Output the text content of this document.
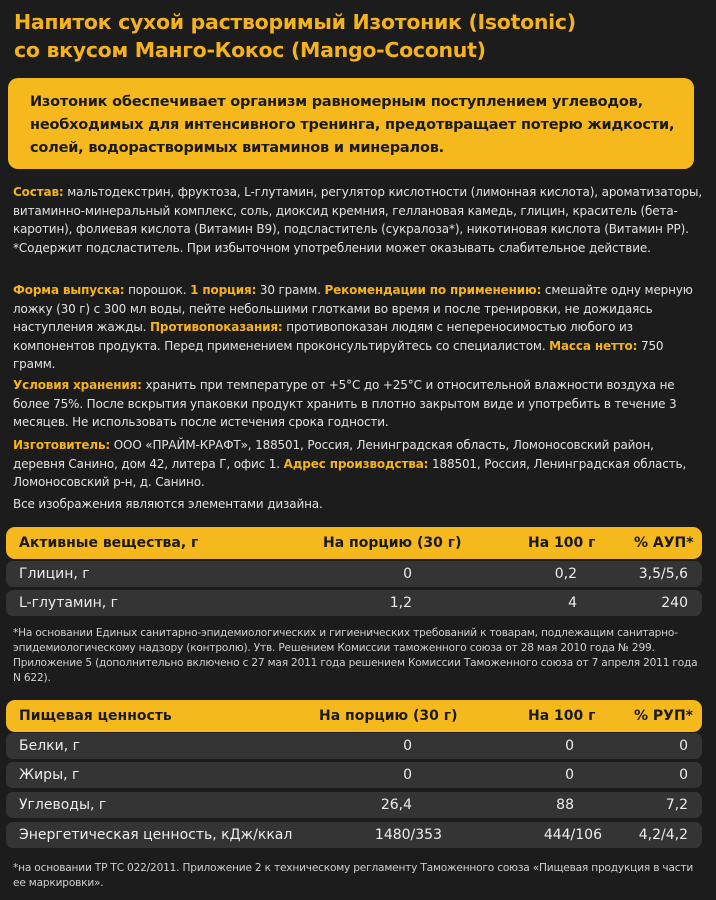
Напиток сухой растворимый Изотоник (Isotonic)
со вкусом Манго-Кокос (Mango-Coconut)

Изотоник обеспечивает организм равномерным поступлением углеводов, необходимых для интенсивного тренинга, предотвращает потерю жидкости, солей, водорастворимых витаминов и минералов.

Состав: мальтодекстрин, фруктоза, L-глутамин, регулятор кислотности (лимонная кислота), ароматизаторы, витаминно-минеральный комплекс, соль, диоксид кремния, геллановая камедь, глицин, краситель (бета-каротин), фолиевая кислота (Витамин В9), подсластитель (сукралоза*), никотиновая кислота (Витамин РР). *Содержит подсластитель. При избыточном употреблении может оказывать слабительное действие.

Форма выпуска: порошок. 1 порция: 30 грамм. Рекомендации по применению: смешайте одну мерную ложку (30 г) с 300 мл воды, пейте небольшими глотками во время и после тренировки, не дожидаясь наступления жажды. Противопоказания: противопоказан людям с непереносимостью любого из компонентов продукта. Перед применением проконсультируйтесь со специалистом. Масса нетто: 750 грамм.

Условия хранения: хранить при температуре от +5°С до +25°С и относительной влажности воздуха не более 75%. После вскрытия упаковки продукт хранить в плотно закрытом виде и употребить в течение 3 месяцев. Не использовать после истечения срока годности.

Изготовитель: ООО «ПРАЙМ-КРАФТ», 188501, Россия, Ленинградская область, Ломоносовский район, деревня Санино, дом 42, литера Г, офис 1. Адрес производства: 188501, Россия, Ленинградская область, Ломоносовский р-н, д. Санино.

Все изображения являются элементами дизайна.

Активные вещества, г	На порцию (30 г)	На 100 г	% АУП*
Глицин, г	0	0,2	3,5/5,6
L-глутамин, г	1,2	4	240

*На основании Единых санитарно-эпидемиологических и гигиенических требований к товарам, подлежащим санитарно-эпидемиологическому надзору (контролю). Утв. Решением Комиссии таможенного союза от 28 мая 2010 года № 299. Приложение 5 (дополнительно включено с 27 мая 2011 года решением Комиссии Таможенного союза от 7 апреля 2011 года N 622).

Пищевая ценность	На порцию (30 г)	На 100 г	% РУП*
Белки, г	0	0	0
Жиры, г	0	0	0
Углеводы, г	26,4	88	7,2
Энергетическая ценность, кДж/ккал	1480/353	444/106	4,2/4,2

*на основании ТР ТС 022/2011. Приложение 2 к техническому регламенту Таможенного союза «Пищевая продукция в части ее маркировки».
